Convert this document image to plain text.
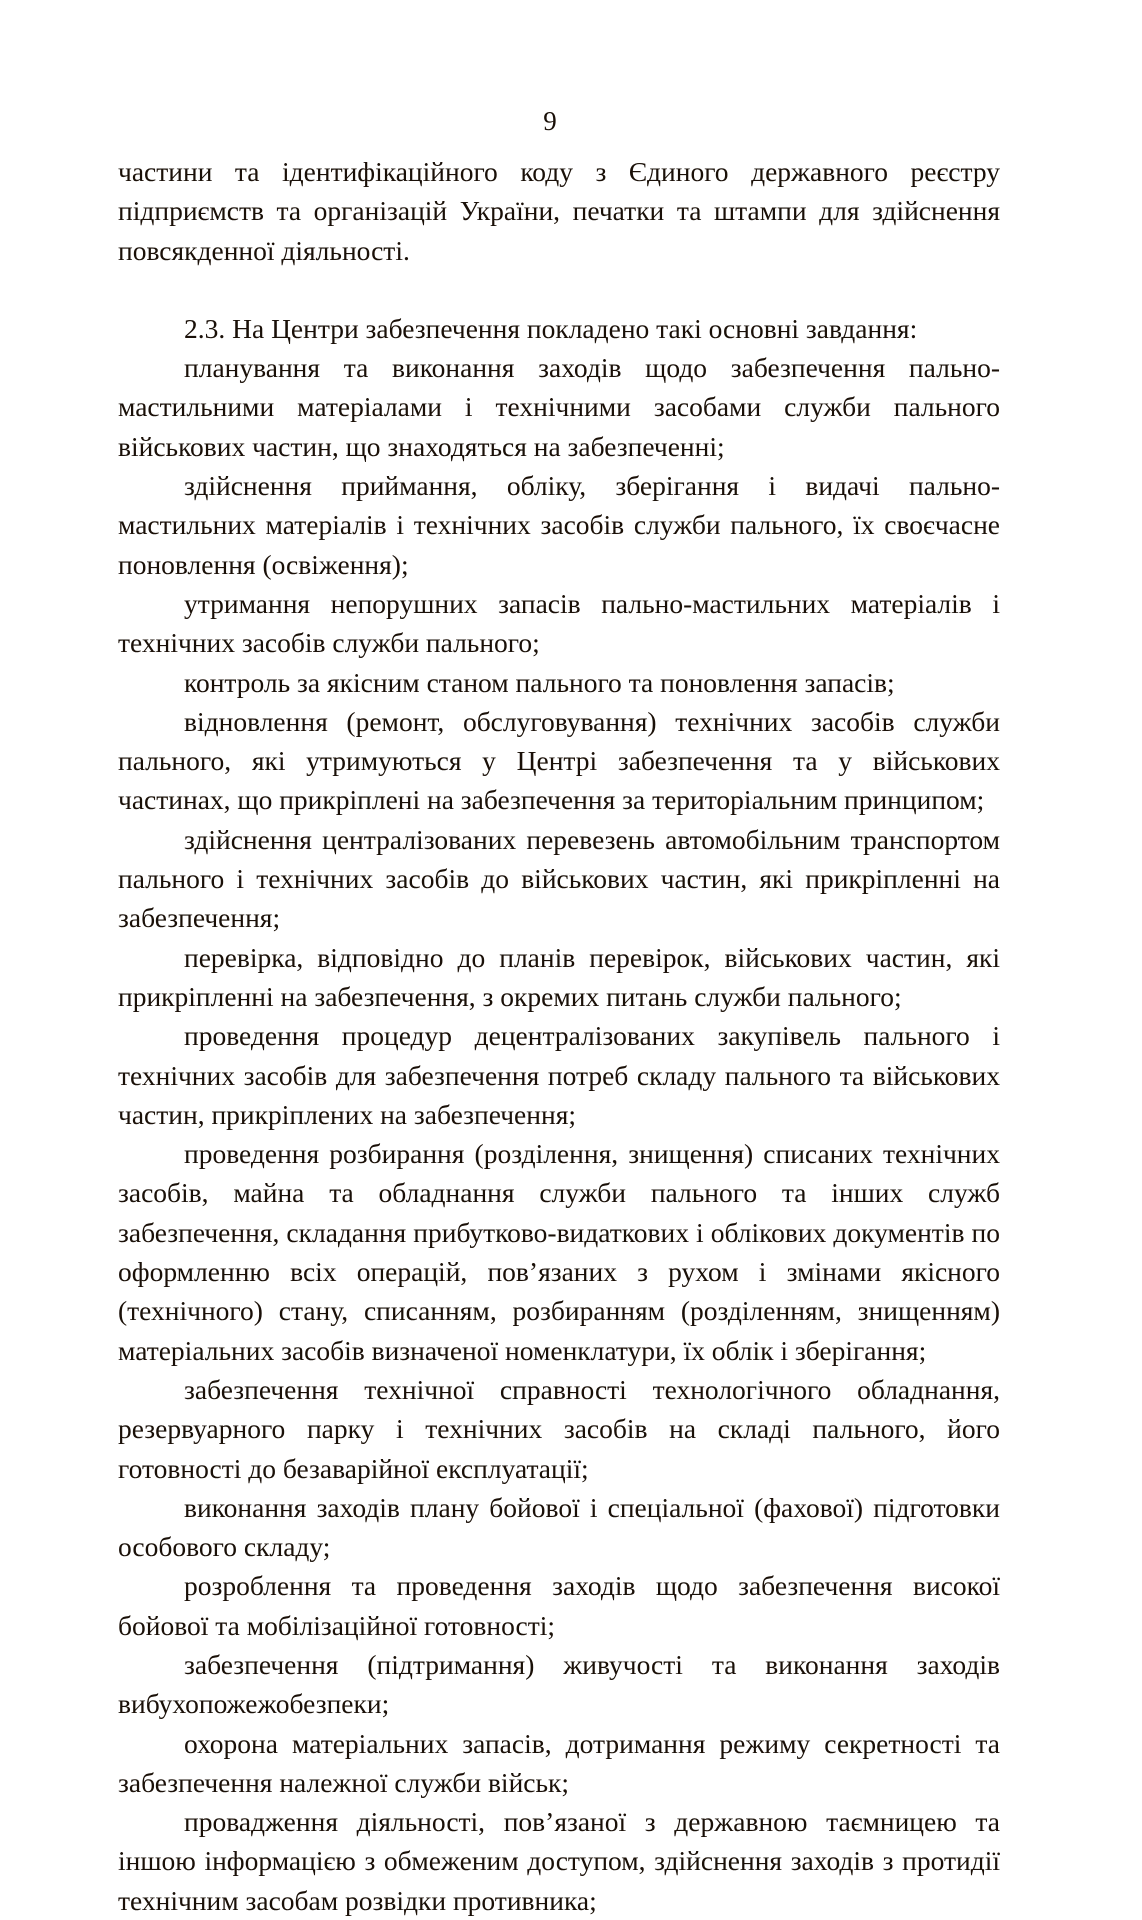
9

частини та ідентифікаційного коду з Єдиного державного реєстру підприємств та організацій України, печатки та штампи для здійснення повсякденної діяльності.

2.3. На Центри забезпечення покладено такі основні завдання:

планування та виконання заходів щодо забезпечення пально-мастильними матеріалами і технічними засобами служби пального військових частин, що знаходяться на забезпеченні;

здійснення приймання, обліку, зберігання і видачі пально-мастильних матеріалів і технічних засобів служби пального, їх своєчасне поновлення (освіження);

утримання непорушних запасів пально-мастильних матеріалів і технічних засобів служби пального;

контроль за якісним станом пального та поновлення запасів;

відновлення (ремонт, обслуговування) технічних засобів служби пального, які утримуються у Центрі забезпечення та у військових частинах, що прикріплені на забезпечення за територіальним принципом;

здійснення централізованих перевезень автомобільним транспортом пального і технічних засобів до військових частин, які прикріпленні на забезпечення;

перевірка, відповідно до планів перевірок, військових частин, які прикріпленні на забезпечення, з окремих питань служби пального;

проведення процедур децентралізованих закупівель пального і технічних засобів для забезпечення потреб складу пального та військових частин, прикріплених на забезпечення;

проведення розбирання (розділення, знищення) списаних технічних засобів, майна та обладнання служби пального та інших служб забезпечення, складання прибутково-видаткових і облікових документів по оформленню всіх операцій, пов’язаних з рухом і змінами якісного (технічного) стану, списанням, розбиранням (розділенням, знищенням) матеріальних засобів визначеної номенклатури, їх облік і зберігання;

забезпечення технічної справності технологічного обладнання, резервуарного парку і технічних засобів на складі пального, його готовності до безаварійної експлуатації;

виконання заходів плану бойової і спеціальної (фахової) підготовки особового складу;

розроблення та проведення заходів щодо забезпечення високої бойової та мобілізаційної готовності;

забезпечення (підтримання) живучості та виконання заходів вибухопожежобезпеки;

охорона матеріальних запасів, дотримання режиму секретності та забезпечення належної служби військ;

провадження діяльності, пов’язаної з державною таємницею та іншою інформацією з обмеженим доступом, здійснення заходів з протидії технічним засобам розвідки противника;
